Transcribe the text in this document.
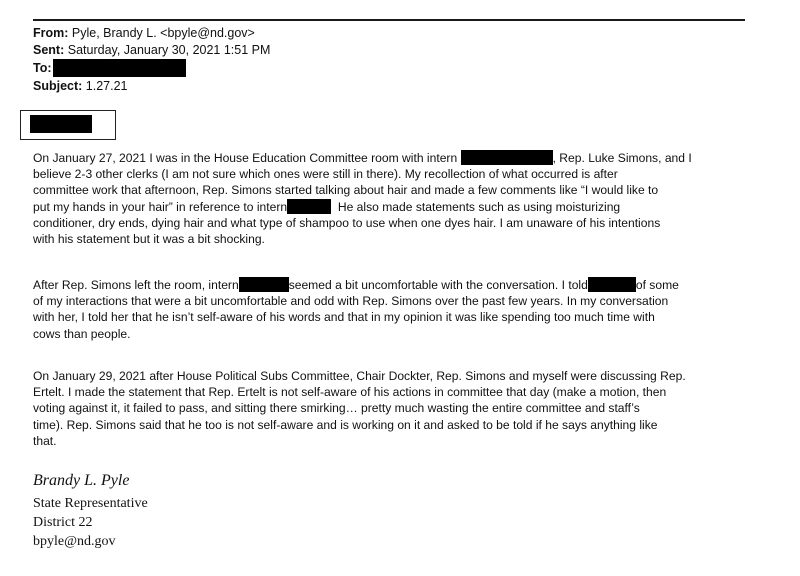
From: Pyle, Brandy L. <bpyle@nd.gov>
Sent: Saturday, January 30, 2021 1:51 PM
To:
Subject: 1.27.21
On January 27, 2021 I was in the House Education Committee room with intern	, Rep. Luke Simons, and I
believe 2-3 other clerks (I am not sure which ones were still in there). My recollection of what occurred is after
committee work that afternoon, Rep. Simons started talking about hair and made a few comments like “I would like to
put my hands in your hair” in reference to intern	He also made statements such as using moisturizing
conditioner, dry ends, dying hair and what type of shampoo to use when one dyes hair. I am unaware of his intentions
with his statement but it was a bit shocking.
After Rep. Simons left the room, intern	seemed a bit uncomfortable with the conversation. I told	of some
of my interactions that were a bit uncomfortable and odd with Rep. Simons over the past few years. In my conversation
with her, I told her that he isn’t self-aware of his words and that in my opinion it was like spending too much time with
cows than people.
On January 29, 2021 after House Political Subs Committee, Chair Dockter, Rep. Simons and myself were discussing Rep.
Ertelt. I made the statement that Rep. Ertelt is not self-aware of his actions in committee that day (make a motion, then
voting against it, it failed to pass, and sitting there smirking… pretty much wasting the entire committee and staff’s
time). Rep. Simons said that he too is not self-aware and is working on it and asked to be told if he says anything like
that.
Brandy L. Pyle
State Representative
District 22
bpyle@nd.gov
